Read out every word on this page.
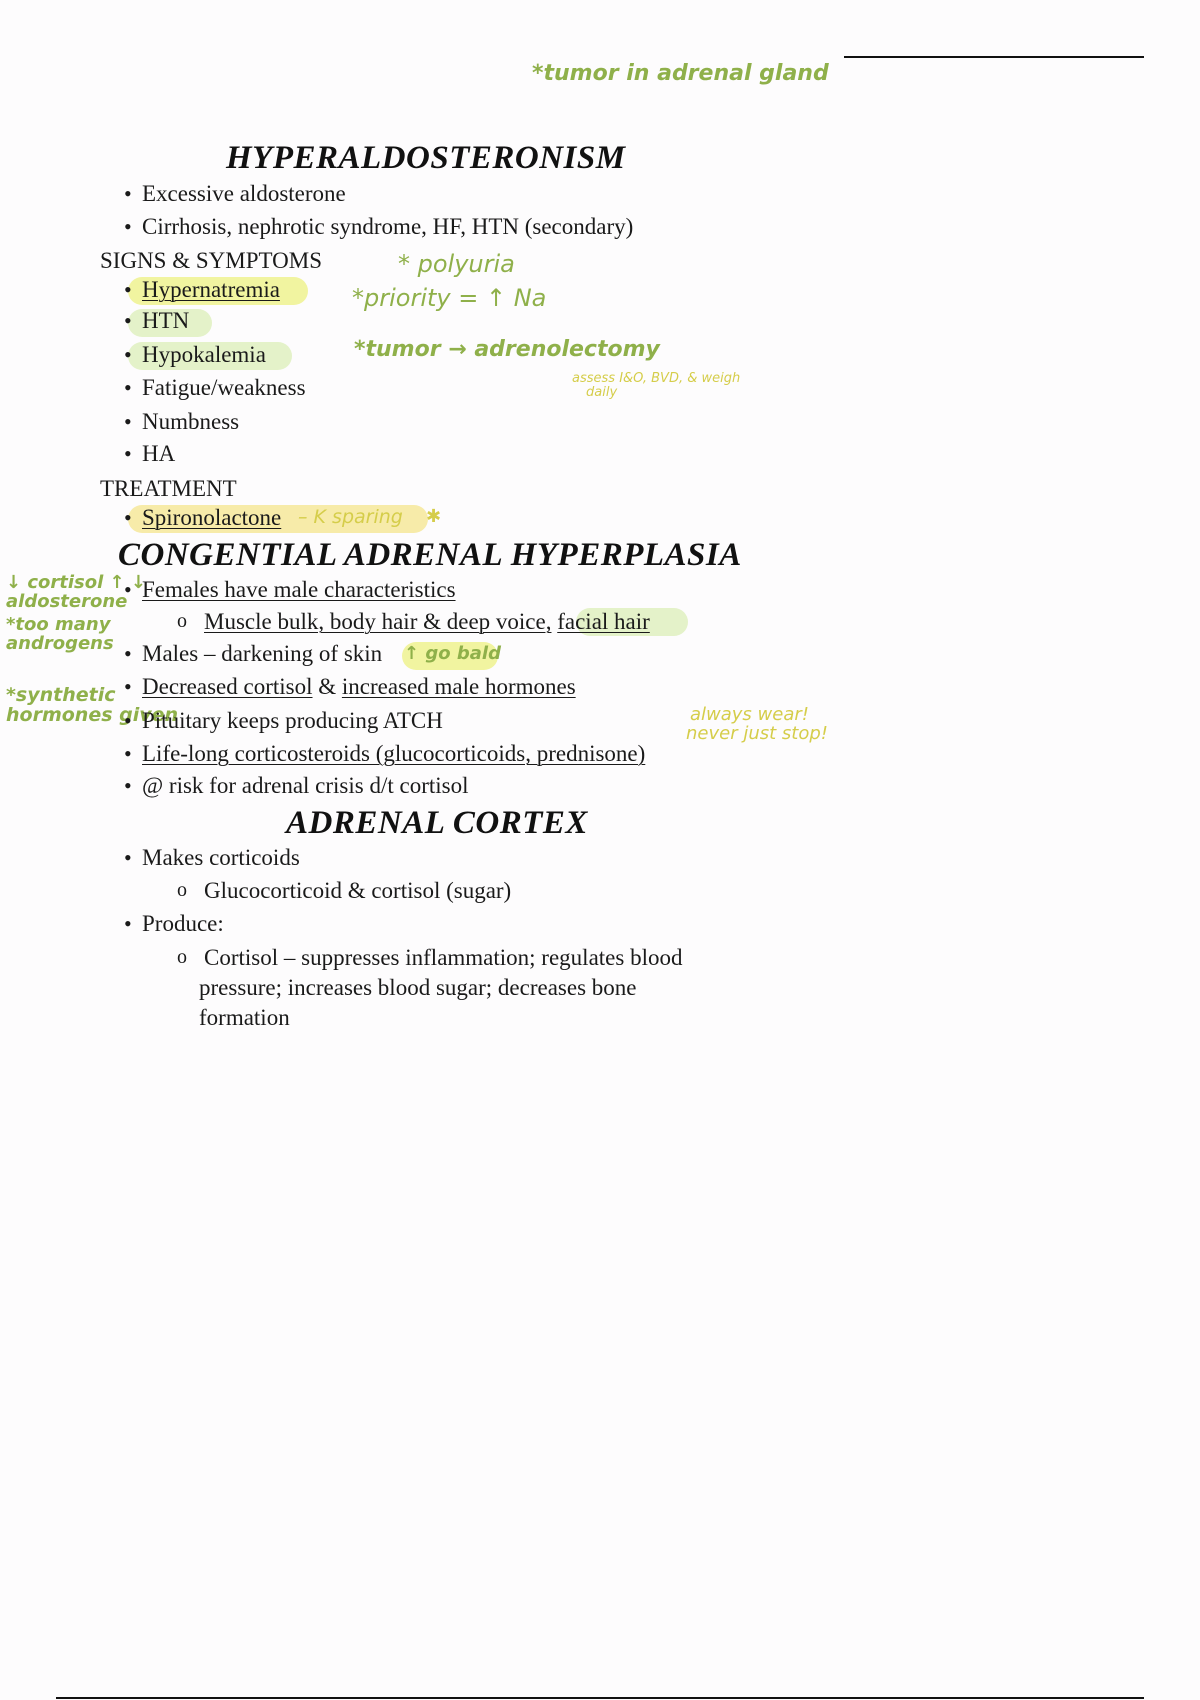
*tumor in adrenal gland
HYPERALDOSTERONISM
• Excessive aldosterone
• Cirrhosis, nephrotic syndrome, HF, HTN (secondary)
SIGNS & SYMPTOMS
• Hypernatremia
• HTN
• Hypokalemia
• Fatigue/weakness
• Numbness
• HA
* polyuria
*priority = ↑ Na
*tumor → adrenolectomy
assess I&O, BVD, & weigh
daily
TREATMENT
• Spironolactone – K sparing ✱
CONGENTIAL ADRENAL HYPERPLASIA
↓ cortisol ↑ ↓
aldosterone
*too many
androgens
*synthetic
hormones given
• Females have male characteristics
o Muscle bulk, body hair & deep voice, facial hair
• Males – darkening of skin ↑ go bald
• Decreased cortisol & increased male hormones
• Pituitary keeps producing ATCH
• Life-long corticosteroids (glucocorticoids, prednisone)
• @ risk for adrenal crisis d/t cortisol
always wear!
never just stop!
ADRENAL CORTEX
• Makes corticoids
o Glucocorticoid & cortisol (sugar)
• Produce:
o Cortisol – suppresses inflammation; regulates blood
pressure; increases blood sugar; decreases bone
formation
